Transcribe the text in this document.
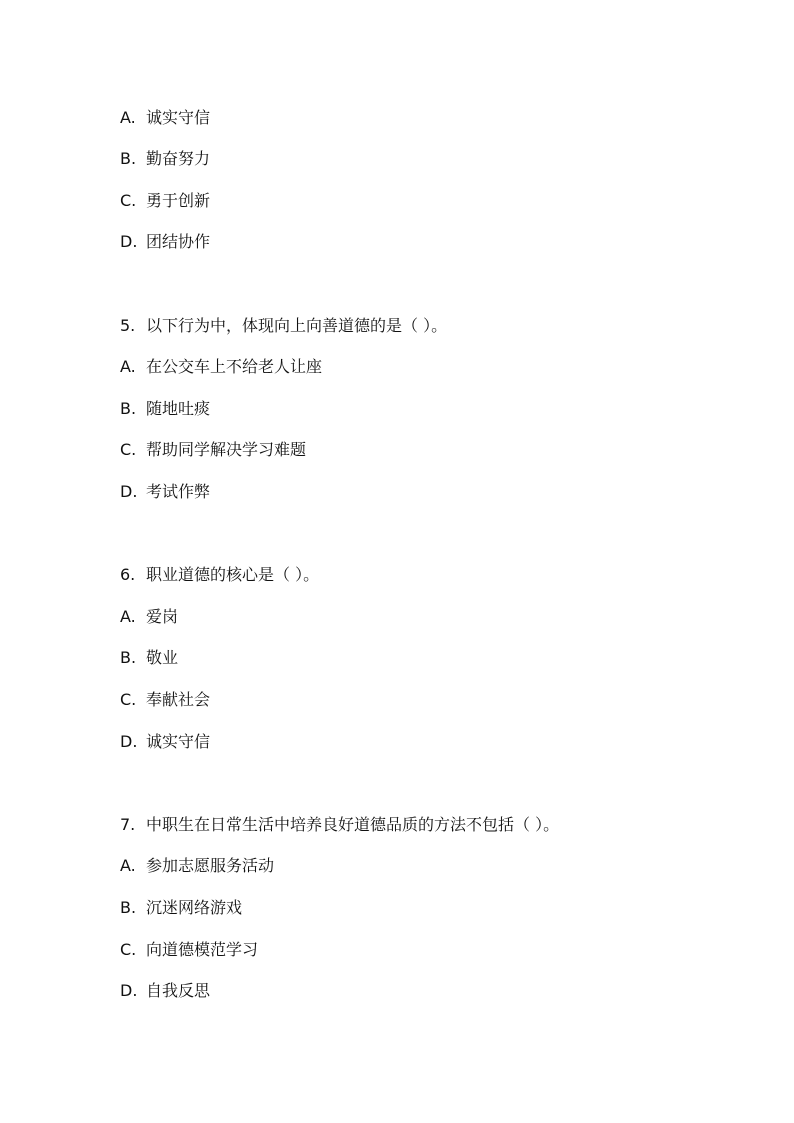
A. 诚实守信
B. 勤奋努力
C. 勇于创新
D. 团结协作
5. 以下行为中，体现向上向善道德的是（ ）。
A. 在公交车上不给老人让座
B. 随地吐痰
C. 帮助同学解决学习难题
D. 考试作弊
6. 职业道德的核心是（ ）。
A. 爱岗
B. 敬业
C. 奉献社会
D. 诚实守信
7. 中职生在日常生活中培养良好道德品质的方法不包括（ ）。
A. 参加志愿服务活动
B. 沉迷网络游戏
C. 向道德模范学习
D. 自我反思
